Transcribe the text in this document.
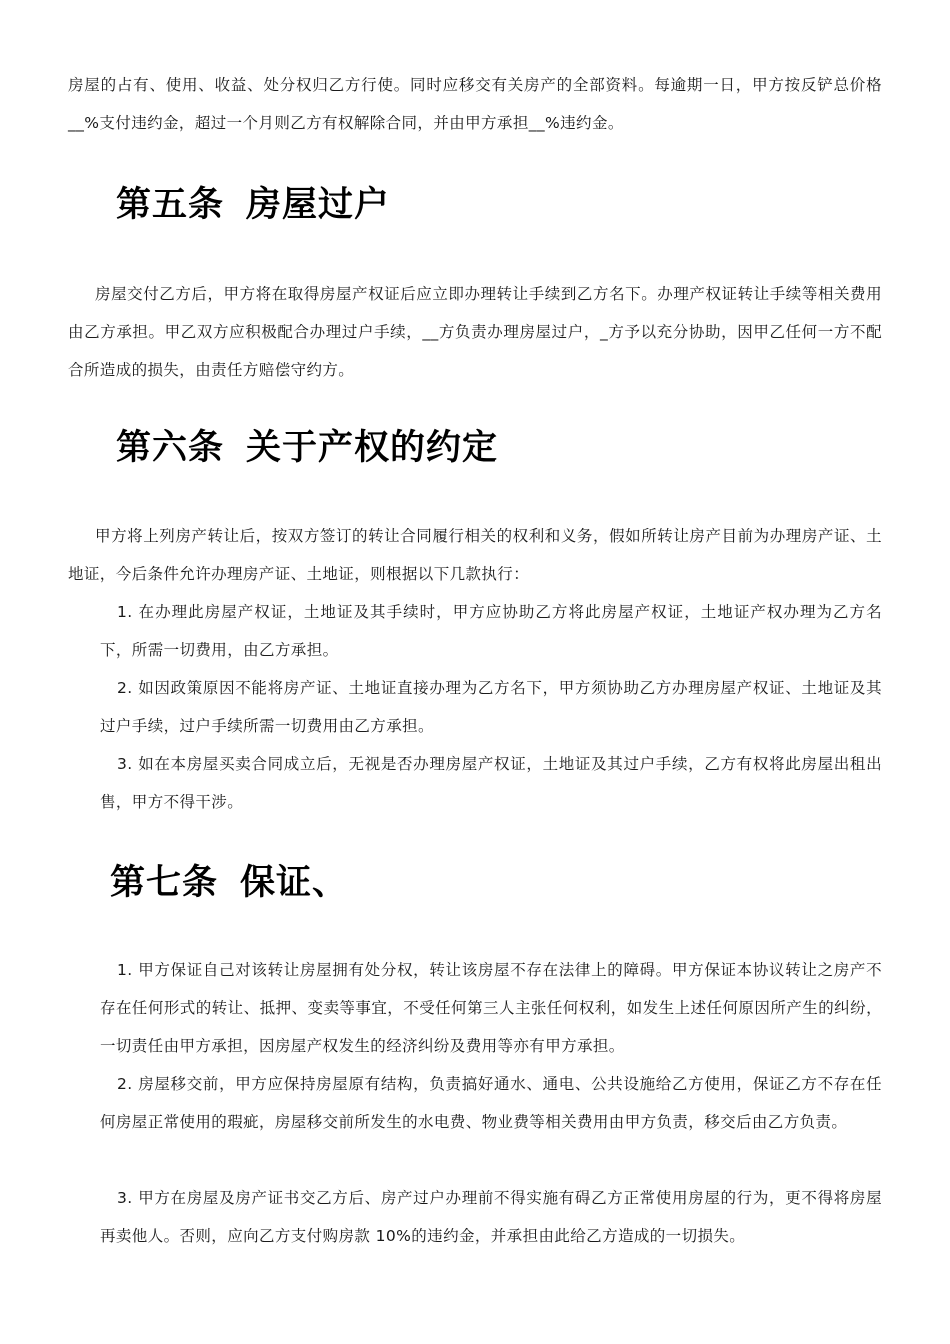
房屋的占有、使用、收益、处分权归乙方行使。同时应移交有关房产的全部资料。每逾期一日，甲方按反铲总价格__%支付违约金，超过一个月则乙方有权解除合同，并由甲方承担__%违约金。

第五条 房屋过户

房屋交付乙方后，甲方将在取得房屋产权证后应立即办理转让手续到乙方名下。办理产权证转让手续等相关费用由乙方承担。甲乙双方应积极配合办理过户手续，__方负责办理房屋过户，_方予以充分协助，因甲乙任何一方不配合所造成的损失，由责任方赔偿守约方。

第六条 关于产权的约定

甲方将上列房产转让后，按双方签订的转让合同履行相关的权利和义务，假如所转让房产目前为办理房产证、土地证，今后条件允许办理房产证、土地证，则根据以下几款执行：

1. 在办理此房屋产权证，土地证及其手续时，甲方应协助乙方将此房屋产权证，土地证产权办理为乙方名下，所需一切费用，由乙方承担。

2. 如因政策原因不能将房产证、土地证直接办理为乙方名下，甲方须协助乙方办理房屋产权证、土地证及其过户手续，过户手续所需一切费用由乙方承担。

3. 如在本房屋买卖合同成立后，无视是否办理房屋产权证，土地证及其过户手续，乙方有权将此房屋出租出售，甲方不得干涉。

第七条 保证、

1. 甲方保证自己对该转让房屋拥有处分权，转让该房屋不存在法律上的障碍。甲方保证本协议转让之房产不存在任何形式的转让、抵押、变卖等事宜，不受任何第三人主张任何权利，如发生上述任何原因所产生的纠纷，一切责任由甲方承担，因房屋产权发生的经济纠纷及费用等亦有甲方承担。

2. 房屋移交前，甲方应保持房屋原有结构，负责搞好通水、通电、公共设施给乙方使用，保证乙方不存在任何房屋正常使用的瑕疵，房屋移交前所发生的水电费、物业费等相关费用由甲方负责，移交后由乙方负责。

3. 甲方在房屋及房产证书交乙方后、房产过户办理前不得实施有碍乙方正常使用房屋的行为，更不得将房屋再卖他人。否则，应向乙方支付购房款 10%的违约金，并承担由此给乙方造成的一切损失。
